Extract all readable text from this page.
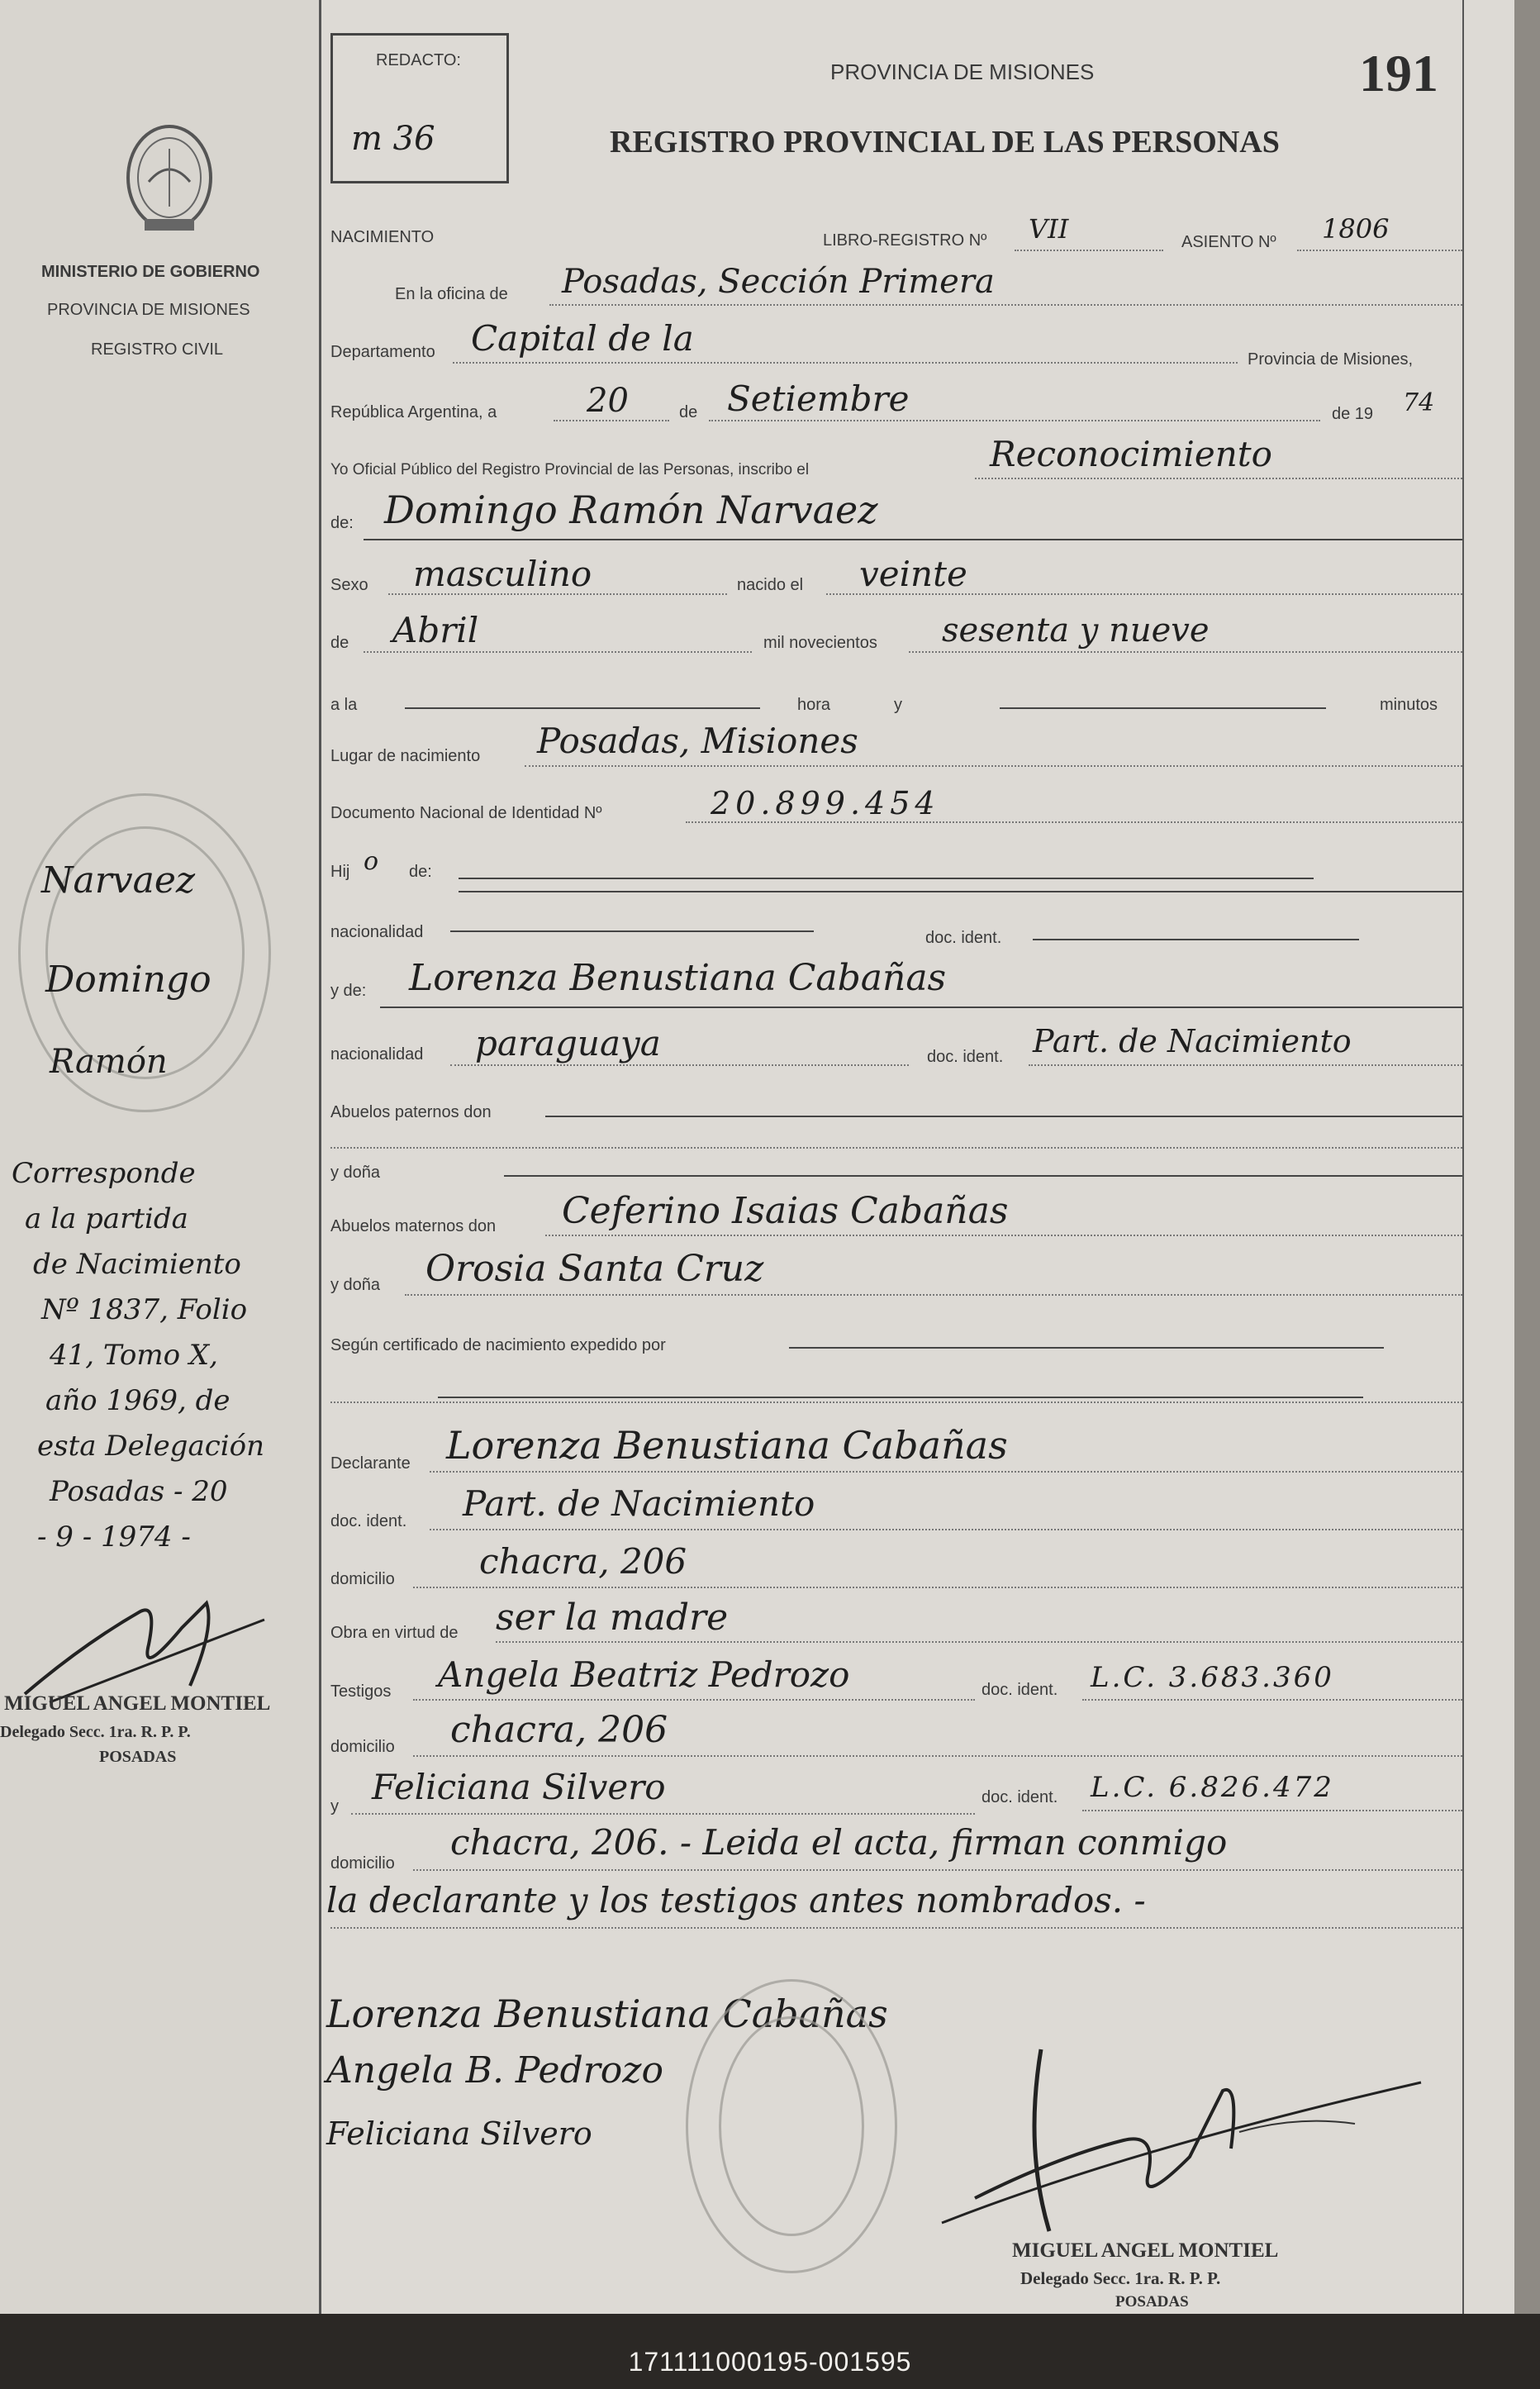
MINISTERIO DE GOBIERNO
PROVINCIA DE MISIONES
REGISTRO CIVIL
Narvaez
Domingo
Ramón
Corresponde
a la partida
de Nacimiento
Nº 1837, Folio
41, Tomo X,
año 1969, de
esta Delegación
Posadas - 20
- 9 - 1974 -
MIGUEL ANGEL MONTIEL
Delegado Secc. 1ra. R. P. P.
POSADAS
REDACTO:
m 36
PROVINCIA DE MISIONES	191
REGISTRO PROVINCIAL DE LAS PERSONAS
NACIMIENTO	LIBRO-REGISTRO Nº VII	ASIENTO Nº 1806
En la oficina de Posadas, Sección Primera
Departamento Capital de la
Provincia de Misiones,
República Argentina, a	20	de Setiembre	de 19 74
Yo Oficial Público del Registro Provincial de las Personas, inscribo el	Reconocimiento
de: Domingo Ramón Narvaez
Sexo masculino	nacido el veinte
de Abril	mil novecientos sesenta y nueve
a la	hora	y	minutos
Lugar de nacimiento Posadas, Misiones
Documento Nacional de Identidad Nº	20.899.454
Hij o de:
nacionalidad	doc. ident.
y de: Lorenza Benustiana Cabañas
nacionalidad paraguaya	doc. ident. Part. de Nacimiento
Abuelos paternos don
y doña
Abuelos maternos don Ceferino Isaias Cabañas
y doña Orosia Santa Cruz
Según certificado de nacimiento expedido por
Declarante Lorenza Benustiana Cabañas
doc. ident. Part. de Nacimiento
domicilio chacra, 206
Obra en virtud de ser la madre
Testigos Angela Beatriz Pedrozo	doc. ident. L.C. 3.683.360
domicilio chacra, 206
y Feliciana Silvero	doc. ident. L.C. 6.826.472
domicilio
chacra, 206. - Leida el acta, firman conmigo
la declarante y los testigos antes nombrados. -
Lorenza Benustiana Cabañas
Angela B. Pedrozo
Feliciana Silvero
MIGUEL ANGEL MONTIEL
Delegado Secc. 1ra. R. P. P.
POSADAS
171111000195-001595
